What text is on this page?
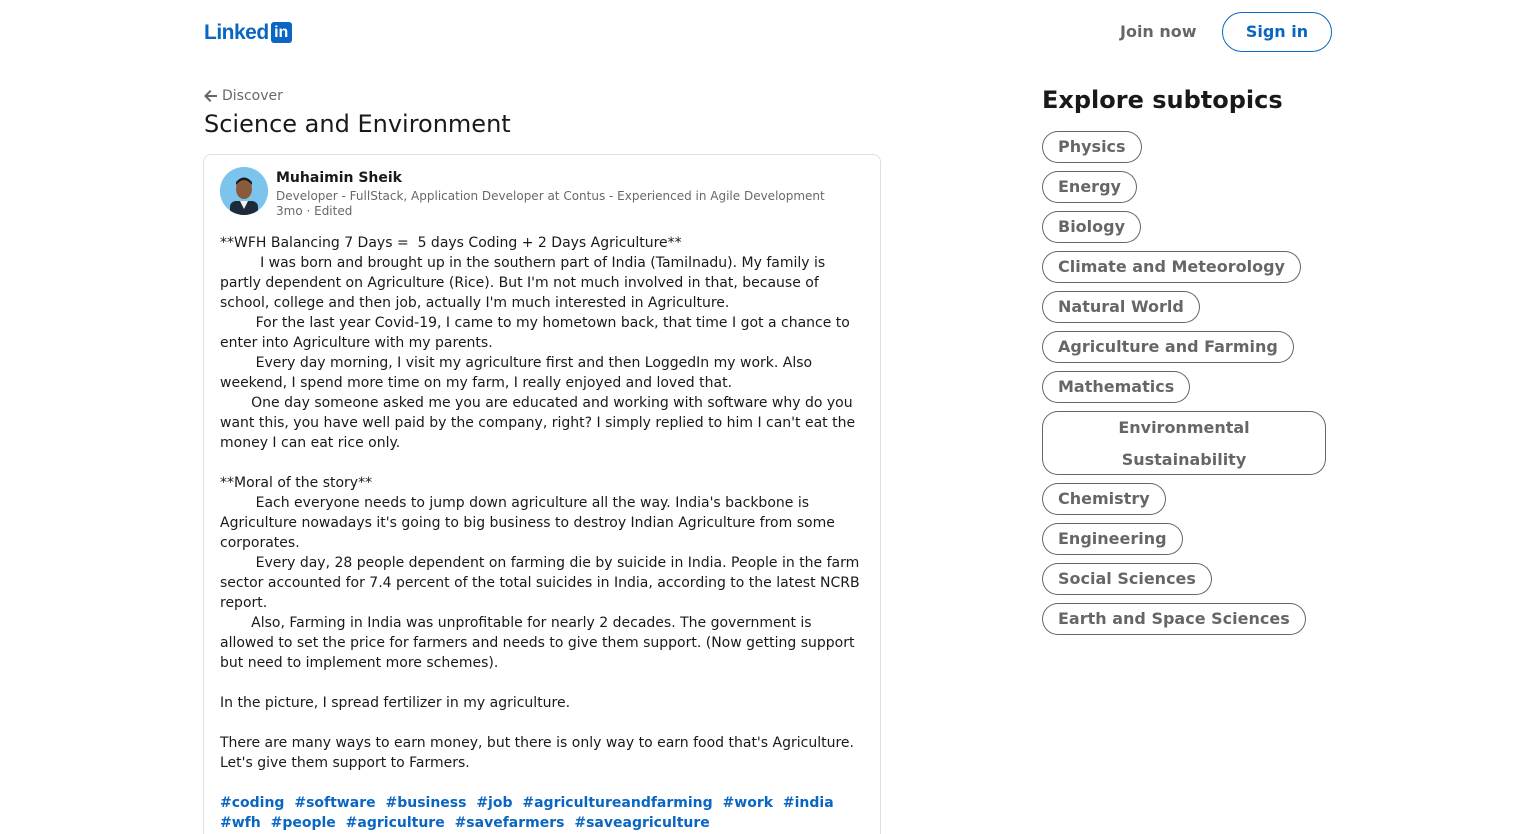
Linked in	Join now	Sign in
Discover
Science and Environment
Muhaimin Sheik
Developer - FullStack, Application Developer at Contus - Experienced in Agile Development
3mo · Edited

**WFH Balancing 7 Days =  5 days Coding + 2 Days Agriculture**

I was born and brought up in the southern part of India (Tamilnadu). My family is partly dependent on Agriculture (Rice). But I'm not much involved in that, because of school, college and then job, actually I'm much interested in Agriculture.

For the last year Covid-19, I came to my hometown back, that time I got a chance to enter into Agriculture with my parents.

Every day morning, I visit my agriculture first and then LoggedIn my work. Also weekend, I spend more time on my farm, I really enjoyed and loved that.

One day someone asked me you are educated and working with software why do you want this, you have well paid by the company, right? I simply replied to him I can't eat the money I can eat rice only.

**Moral of the story**

Each everyone needs to jump down agriculture all the way. India's backbone is Agriculture nowadays it's going to big business to destroy Indian Agriculture from some corporates.

Every day, 28 people dependent on farming die by suicide in India. People in the farm sector accounted for 7.4 percent of the total suicides in India, according to the latest NCRB report.

Also, Farming in India was unprofitable for nearly 2 decades. The government is allowed to set the price for farmers and needs to give them support. (Now getting support but need to implement more schemes).

In the picture, I spread fertilizer in my agriculture.

There are many ways to earn money, but there is only way to earn food that's Agriculture. Let's give them support to Farmers.

#coding #software #business #job #agricultureandfarming #work #india #wfh #people #agriculture #savefarmers #saveagriculture
Explore subtopics
Physics
Energy
Biology
Climate and Meteorology
Natural World
Agriculture and Farming
Mathematics
Environmental Sustainability
Chemistry
Engineering
Social Sciences
Earth and Space Sciences
